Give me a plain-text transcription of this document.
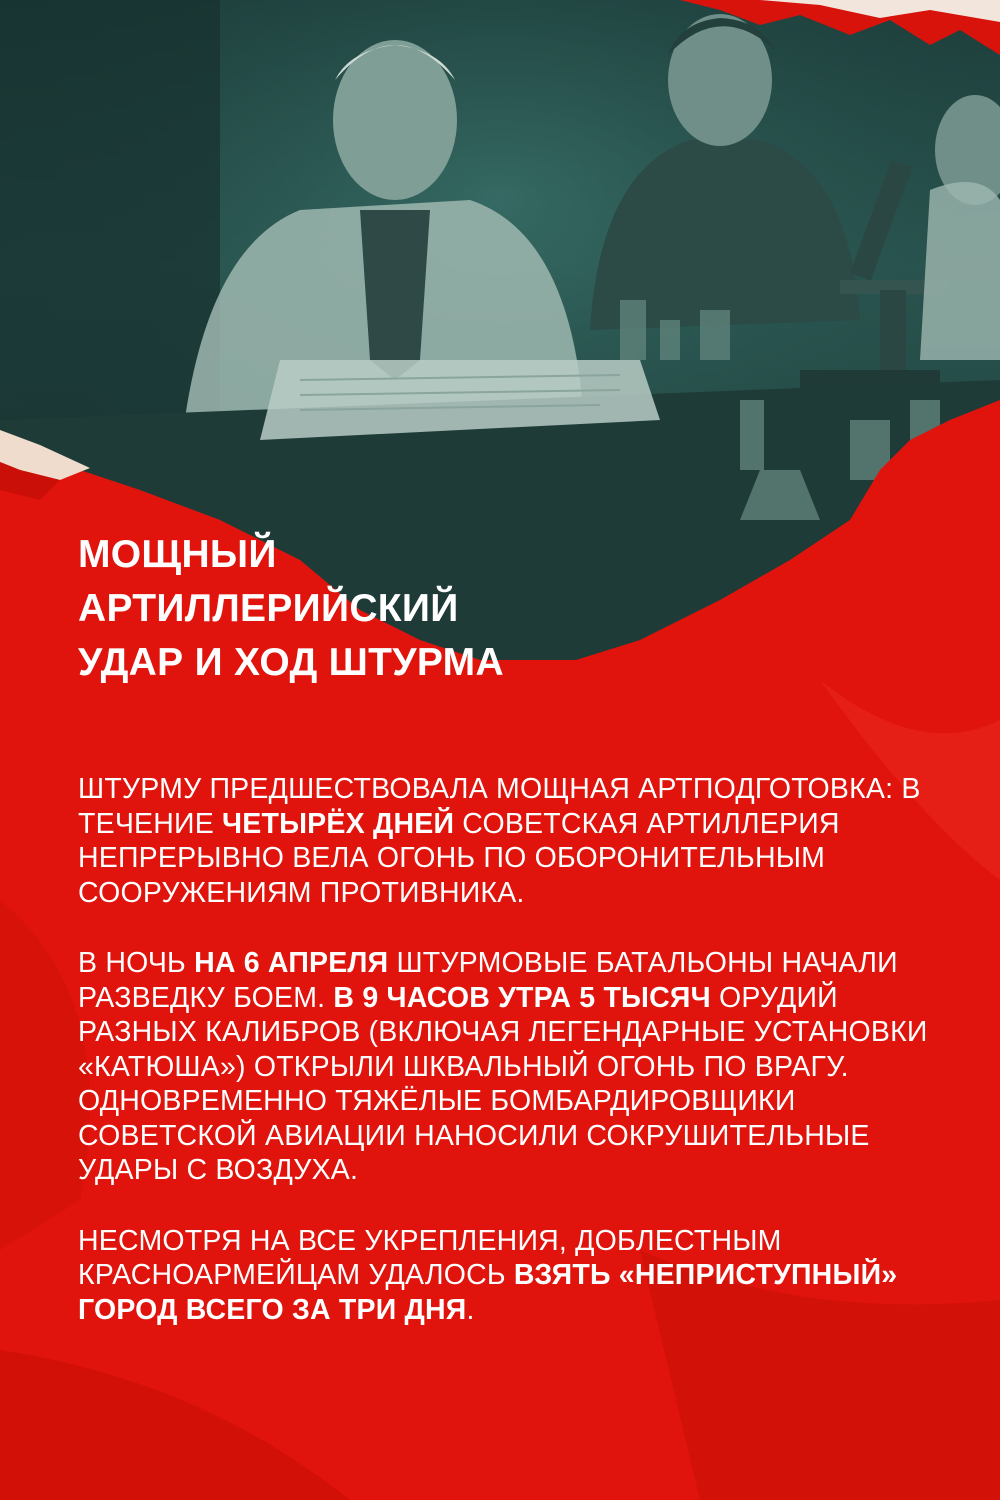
МОЩНЫЙ
АРТИЛЛЕРИЙСКИЙ
УДАР И ХОД ШТУРМА

ШТУРМУ ПРЕДШЕСТВОВАЛА МОЩНАЯ АРТПОДГОТОВКА: В ТЕЧЕНИЕ ЧЕТЫРЁХ ДНЕЙ СОВЕТСКАЯ АРТИЛЛЕРИЯ НЕПРЕРЫВНО ВЕЛА ОГОНЬ ПО ОБОРОНИТЕЛЬНЫМ СООРУЖЕНИЯМ ПРОТИВНИКА.

В НОЧЬ НА 6 АПРЕЛЯ ШТУРМОВЫЕ БАТАЛЬОНЫ НАЧАЛИ РАЗВЕДКУ БОЕМ. В 9 ЧАСОВ УТРА 5 ТЫСЯЧ ОРУДИЙ РАЗНЫХ КАЛИБРОВ (ВКЛЮЧАЯ ЛЕГЕНДАРНЫЕ УСТАНОВКИ «КАТЮША») ОТКРЫЛИ ШКВАЛЬНЫЙ ОГОНЬ ПО ВРАГУ. ОДНОВРЕМЕННО ТЯЖЁЛЫЕ БОМБАРДИРОВЩИКИ СОВЕТСКОЙ АВИАЦИИ НАНОСИЛИ СОКРУШИТЕЛЬНЫЕ УДАРЫ С ВОЗДУХА.

НЕСМОТРЯ НА ВСЕ УКРЕПЛЕНИЯ, ДОБЛЕСТНЫМ КРАСНОАРМЕЙЦАМ УДАЛОСЬ ВЗЯТЬ «НЕПРИСТУПНЫЙ» ГОРОД ВСЕГО ЗА ТРИ ДНЯ.
